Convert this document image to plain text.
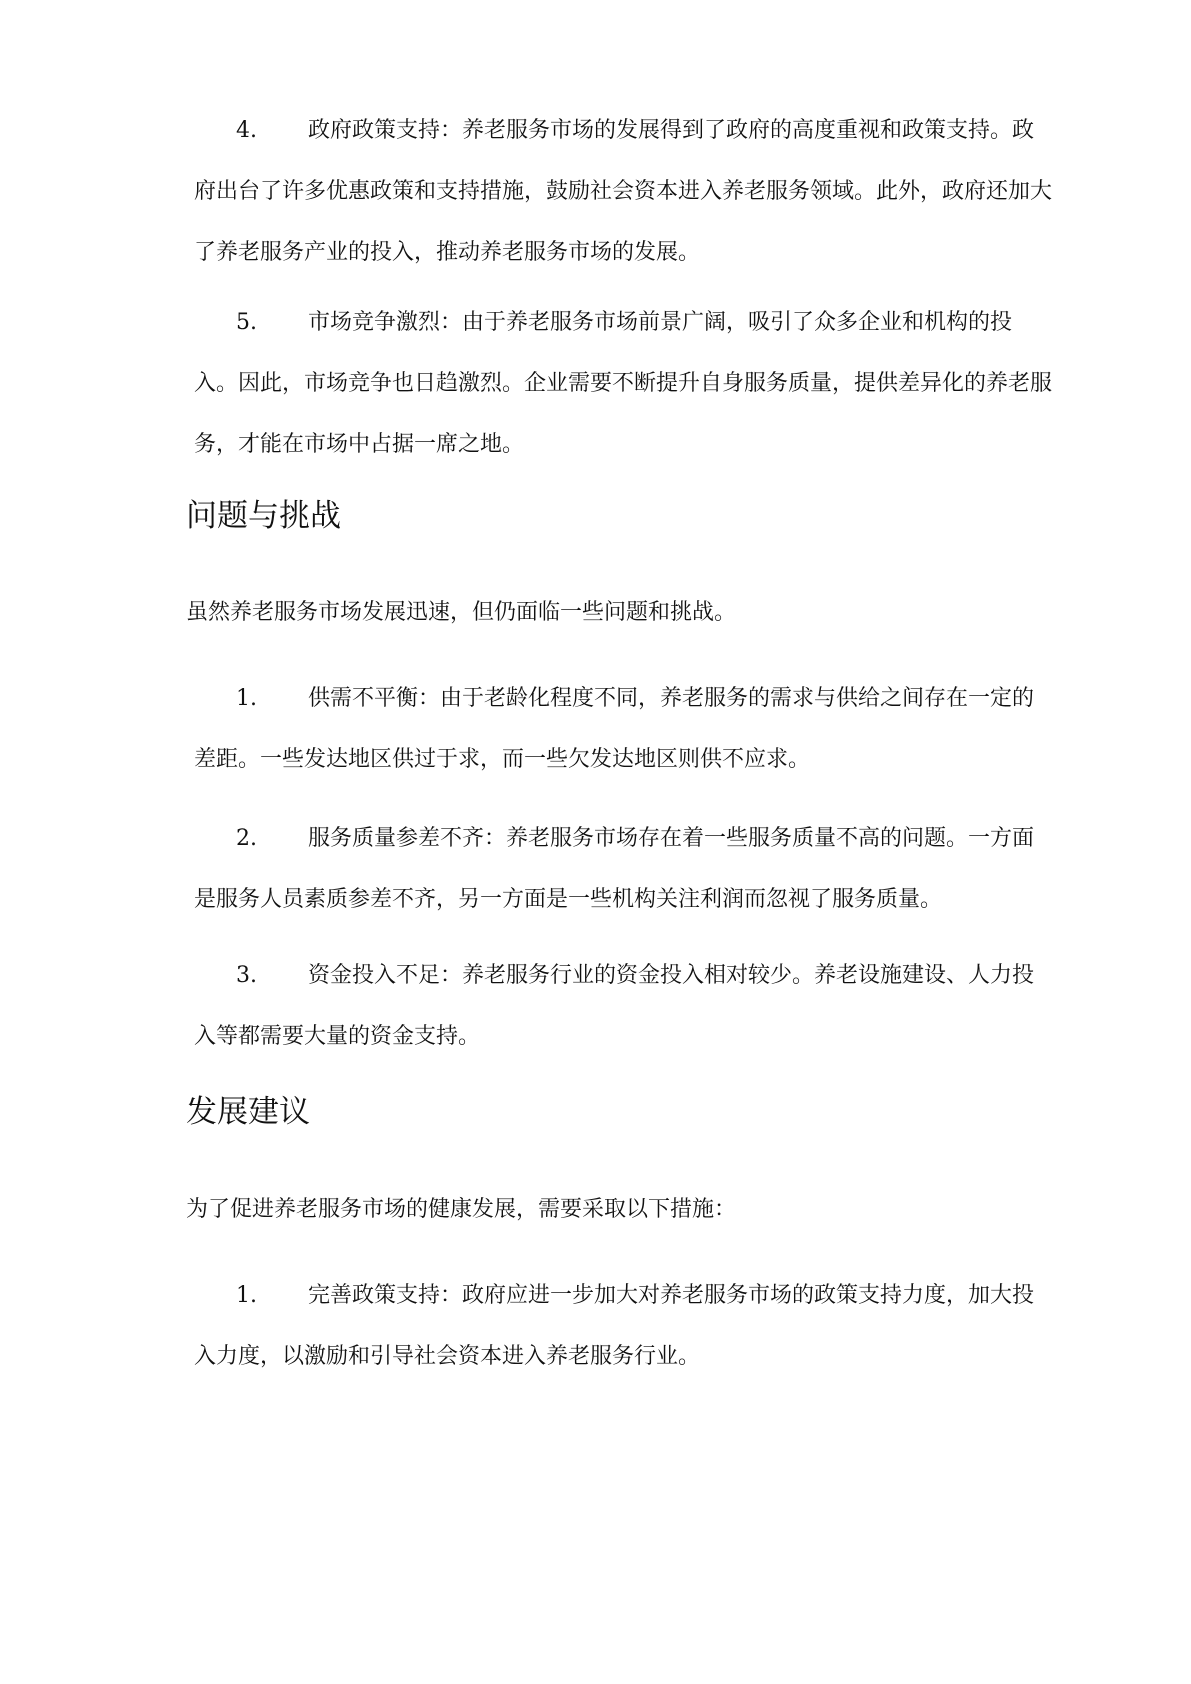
4. 政府政策支持：养老服务市场的发展得到了政府的高度重视和政策支持。政府出台了许多优惠政策和支持措施，鼓励社会资本进入养老服务领域。此外，政府还加大了养老服务产业的投入，推动养老服务市场的发展。

5. 市场竞争激烈：由于养老服务市场前景广阔，吸引了众多企业和机构的投入。因此，市场竞争也日趋激烈。企业需要不断提升自身服务质量，提供差异化的养老服务，才能在市场中占据一席之地。

问题与挑战

虽然养老服务市场发展迅速，但仍面临一些问题和挑战。

1. 供需不平衡：由于老龄化程度不同，养老服务的需求与供给之间存在一定的差距。一些发达地区供过于求，而一些欠发达地区则供不应求。

2. 服务质量参差不齐：养老服务市场存在着一些服务质量不高的问题。一方面是服务人员素质参差不齐，另一方面是一些机构关注利润而忽视了服务质量。

3. 资金投入不足：养老服务行业的资金投入相对较少。养老设施建设、人力投入等都需要大量的资金支持。

发展建议

为了促进养老服务市场的健康发展，需要采取以下措施：

1. 完善政策支持：政府应进一步加大对养老服务市场的政策支持力度，加大投入力度，以激励和引导社会资本进入养老服务行业。
